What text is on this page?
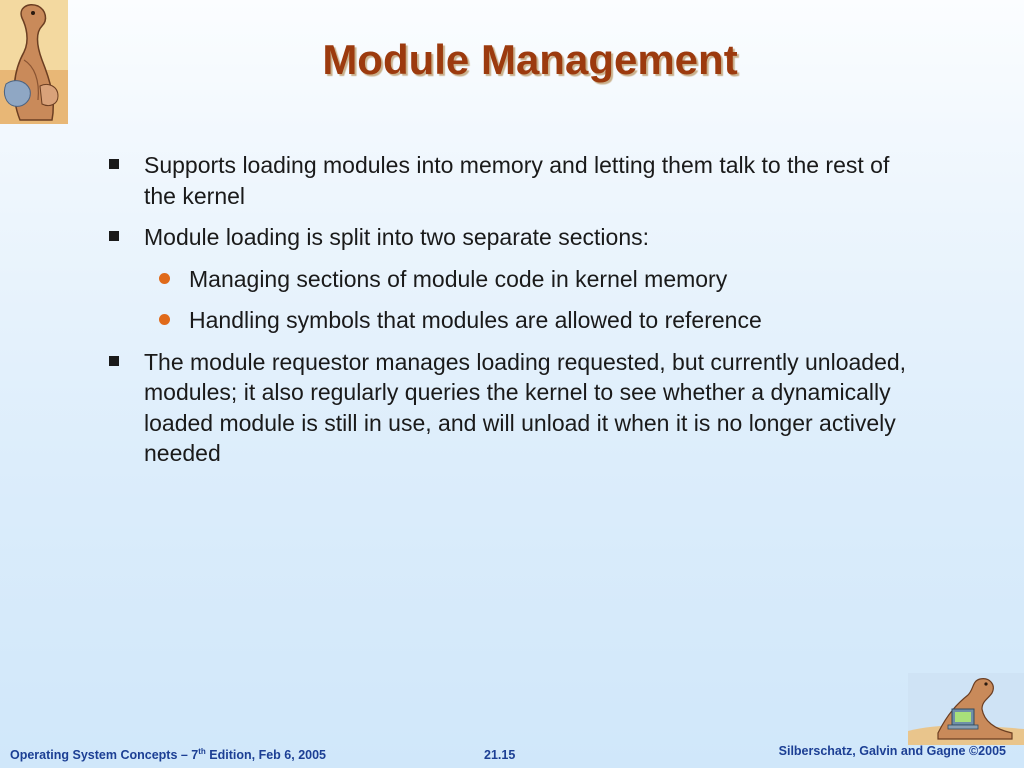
Module Management
Supports loading modules into memory and letting them talk to the rest of the kernel
Module loading is split into two separate sections:
Managing sections of module code in kernel memory
Handling symbols that modules are allowed to reference
The module requestor manages loading requested, but currently unloaded, modules; it also regularly queries the kernel to see whether a dynamically loaded module is still in use, and will unload it when it is no longer actively needed
Operating System Concepts – 7th Edition, Feb 6, 2005	21.15	Silberschatz, Galvin and Gagne ©2005
